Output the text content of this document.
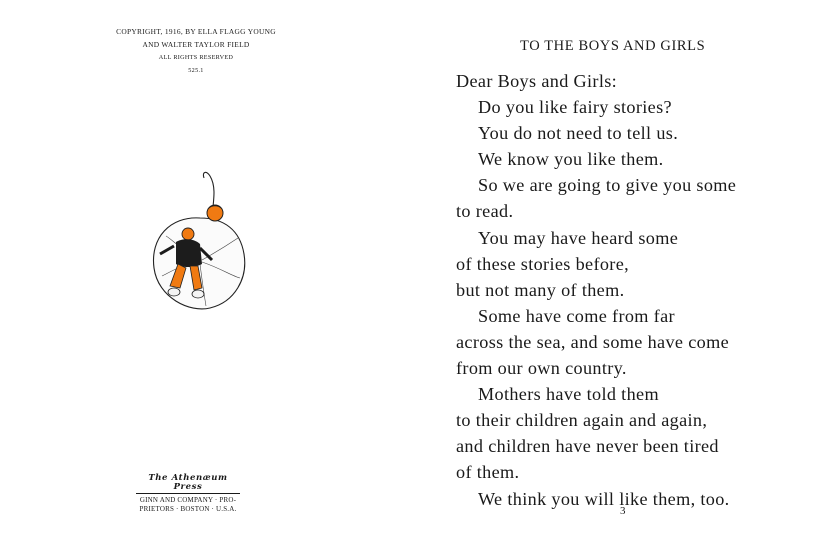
COPYRIGHT, 1916, BY ELLA FLAGG YOUNG
AND WALTER TAYLOR FIELD
ALL RIGHTS RESERVED
525.1
The Athenæum Press
GINN AND COMPANY · PRO-
PRIETORS · BOSTON · U.S.A.
TO THE BOYS AND GIRLS
Dear Boys and Girls:
Do you like fairy stories?
You do not need to tell us.
We know you like them.
So we are going to give you some
to read.
You may have heard some
of these stories before,
but not many of them.
Some have come from far
across the sea, and some have come
from our own country.
Mothers have told them
to their children again and again,
and children have never been tired
of them.
We think you will like them, too.
3
